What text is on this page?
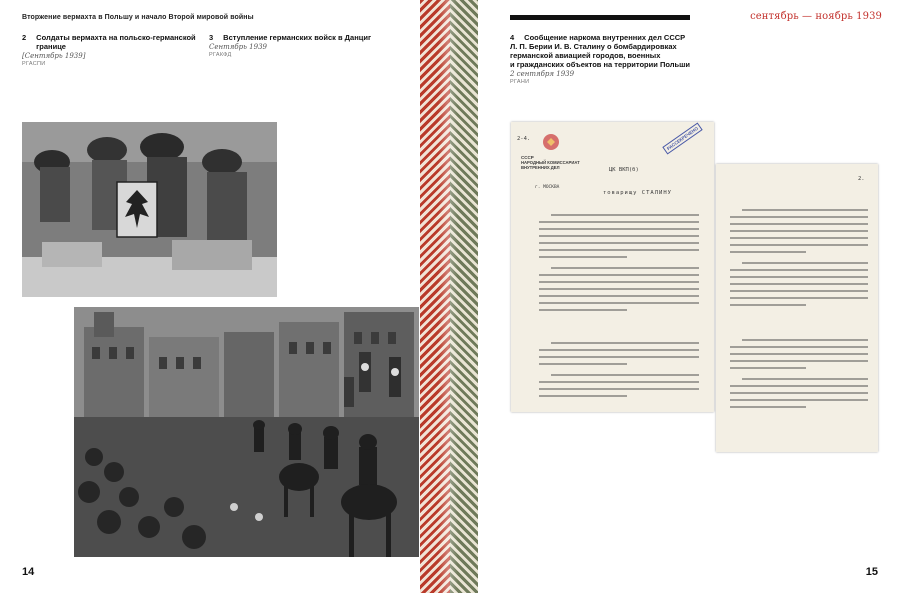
Вторжение вермахта в Польшу и начало Второй мировой войны
2 Солдаты вермахта на польско-германской границе
[Сентябрь 1939]
РГАСПИ
3 Вступление германских войск в Данциг
Сентябрь 1939
РГАКФД
14
сентябрь — ноябрь 1939
4 Сообщение наркома внутренних дел СССР
Л. П. Берии И. В. Сталину о бомбардировках
германской авиацией городов, военных
и гражданских объектов на территории Польши
2 сентября 1939
РГАНИ
2-4.
СССР
НАРОДНЫЙ КОМИССАРИАТ ВНУТРЕННИХ ДЕЛ
г. МОСКВА
ЦК ВКП(б)
товарищу СТАЛИНУ
РАССЕКРЕЧЕНО
2.
15
